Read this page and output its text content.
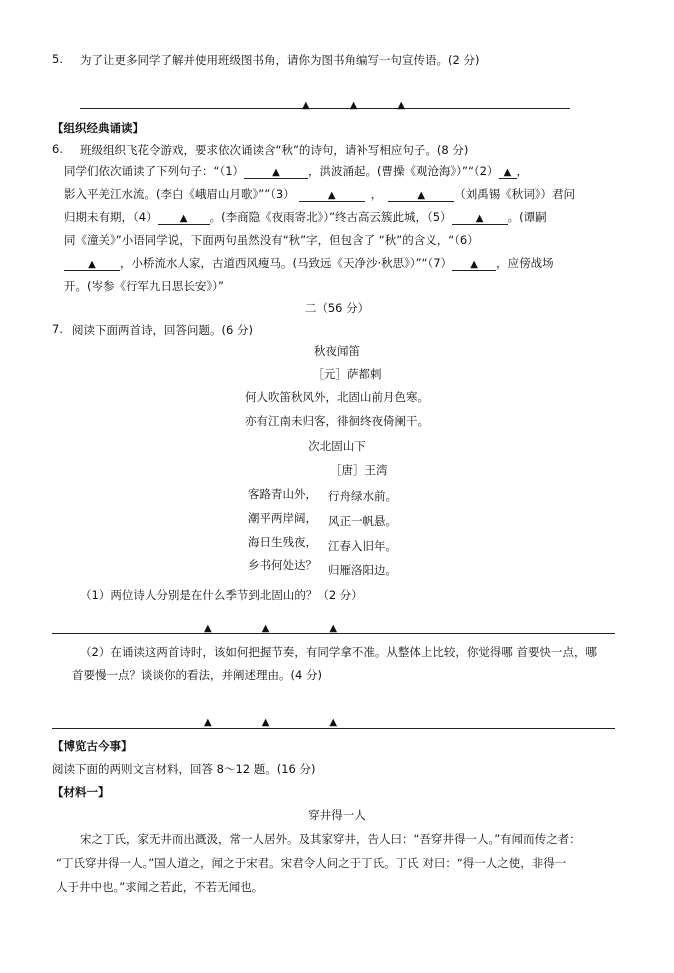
5. 为了让更多同学了解并使用班级图书角，请你为图书角编写一句宣传语。(2 分)
▲　　　　▲　　　　▲
【组织经典诵读】
6. 班级组织飞花令游戏，要求依次诵读含“秋”的诗句，请补写相应句子。(8 分)
同学们依次诵读了下列句子：“（1）	▲ ，洪波涌起。(曹操《观沧海》）”“（2） ▲ ，
影入平羌江水流。(李白《峨眉山月歌》””（3）	▲	，	▲	（刘禹锡《秋词》）君问
归期未有期，（4） ▲ 。(李商隐《夜雨寄北》）”终古高云簇此城，（5） ▲ 。(谭嗣
同《潼关》”小语同学说，下面两句虽然没有“秋”字，但包含了 “秋”的含义，“（6）
▲ ，小桥流水人家，古道西风瘦马。(马致远《天净沙·秋思》）”“（7） ▲ ，应傍战场
开。(岑参《行军九日思长安》）”
二（56 分）
7. 阅读下面两首诗，回答问题。(6 分)
秋夜闻笛
［元］萨都剌
何人吹笛秋风外，北固山前月色寒。
亦有江南未归客，徘徊终夜倚阑干。
次北固山下
［唐］王湾
客路青山外， 行舟绿水前。
潮平两岸阔， 风正一帆悬。
海日生残夜， 江春入旧年。
乡书何处达？ 归雁洛阳边。
（1）两位诗人分别是在什么季节到北固山的？（2 分）
▲　　　　　▲　　　　　　▲
（2）在诵读这两首诗时，该如何把握节奏，有同学拿不准。从整体上比较，你觉得哪 首要快一点，哪
首要慢一点？谈谈你的看法，并阐述理由。(4 分)
▲　　　　　▲　　　　　　▲
【博览古今事】
阅读下面的两则文言材料，回答 8～12 题。(16 分)
【材料一】
穿井得一人
宋之丁氏，家无井而出溉汲，常一人居外。及其家穿井，告人曰：“吾穿井得一人。”有闻而传之者：
“丁氏穿井得一人。”国人道之，闻之于宋君。宋君令人问之于丁氏。丁氏 对曰：“得一人之使，非得一
人于井中也。”求闻之若此，不若无闻也。
